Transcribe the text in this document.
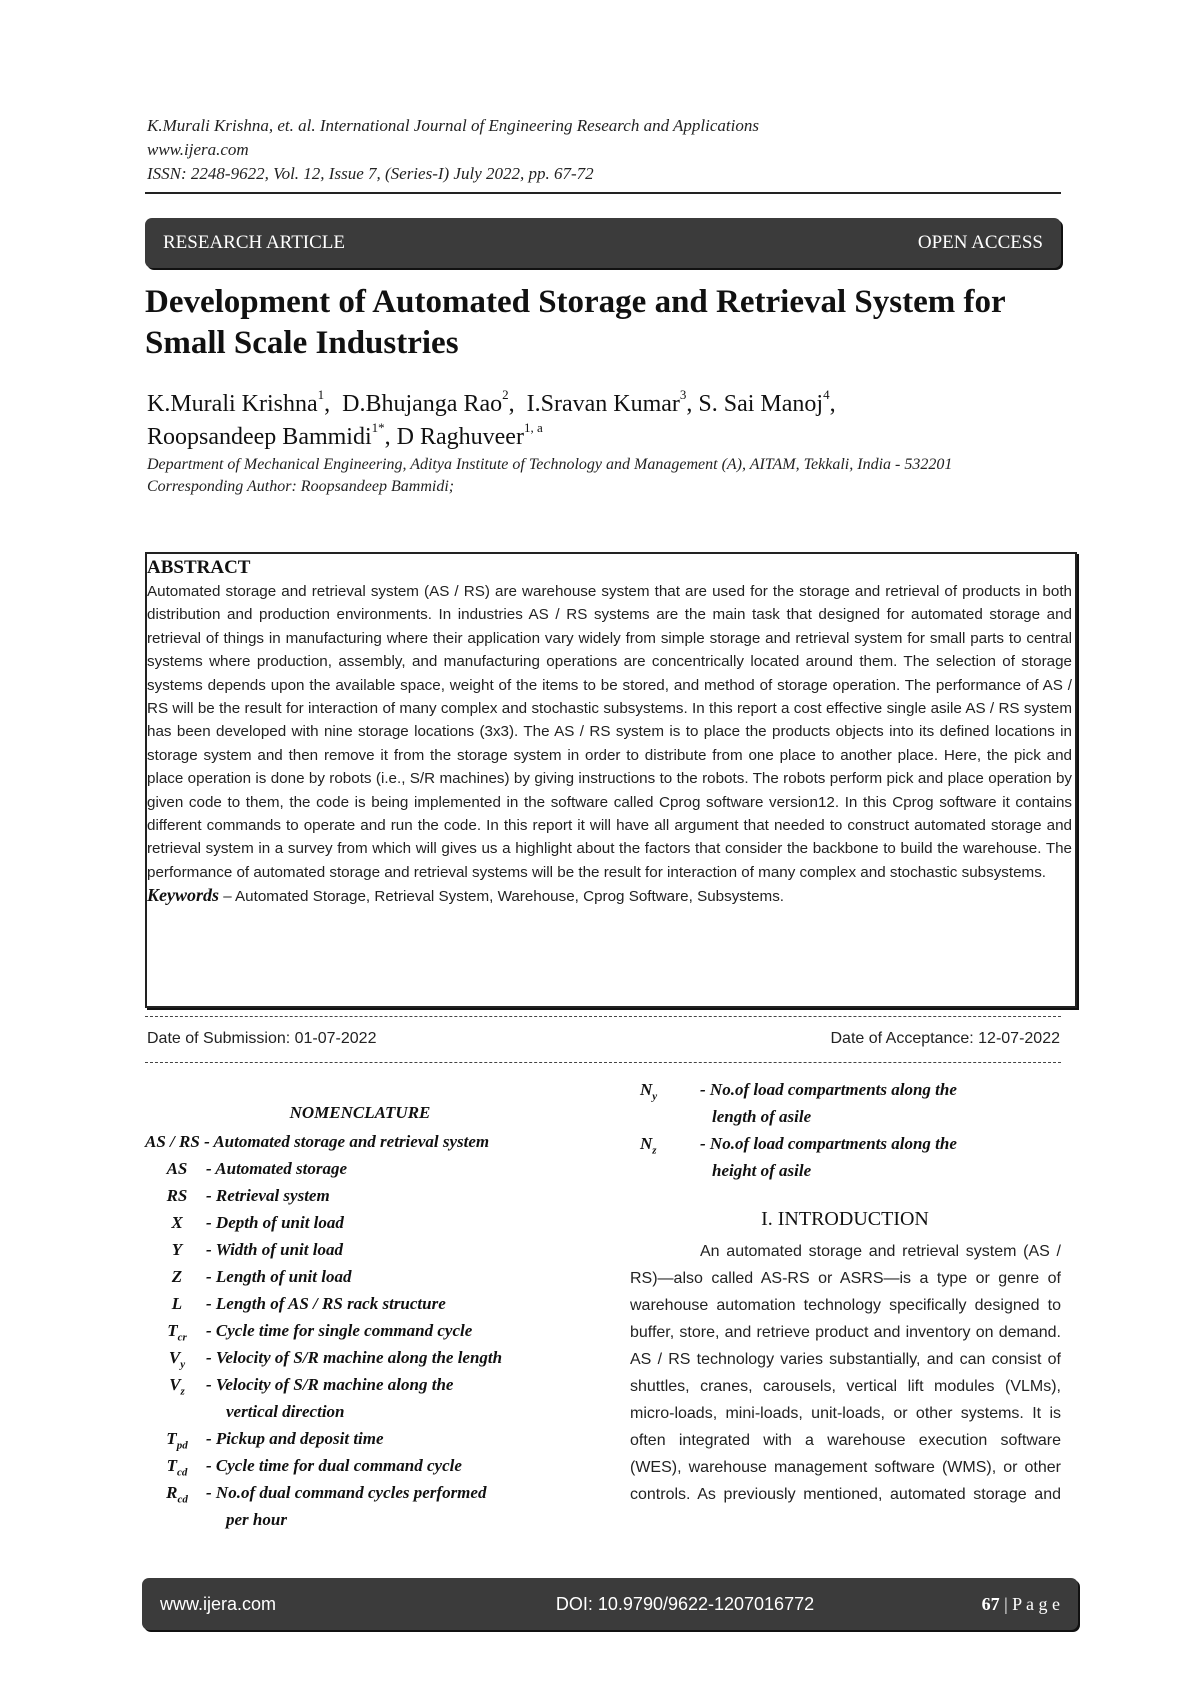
K.Murali Krishna, et. al. International Journal of Engineering Research and Applications
www.ijera.com
ISSN: 2248-9622, Vol. 12, Issue 7, (Series-I) July 2022, pp. 67-72
RESEARCH ARTICLE	OPEN ACCESS
Development of Automated Storage and Retrieval System for Small Scale Industries
K.Murali Krishna$^1$,  D.Bhujanga Rao$^2$,  I.Sravan Kumar$^3$, S. Sai Manoj$^4$,
Roopsandeep Bammidi$^{1*}$, D Raghuveer$^{1, a}$
Department of Mechanical Engineering, Aditya Institute of Technology and Management (A), AITAM, Tekkali, India - 532201
Corresponding Author: Roopsandeep Bammidi;
ABSTRACT
Automated storage and retrieval system (AS / RS) are warehouse system that are used for the storage and retrieval of products in both distribution and production environments. In industries AS / RS systems are the main task that designed for automated storage and retrieval of things in manufacturing where their application vary widely from simple storage and retrieval system for small parts to central systems where production, assembly, and manufacturing operations are concentrically located around them. The selection of storage systems depends upon the available space, weight of the items to be stored, and method of storage operation. The performance of AS / RS will be the result for interaction of many complex and stochastic subsystems. In this report a cost effective single asile AS / RS system has been developed with nine storage locations (3x3). The AS / RS system is to place the products objects into its defined locations in storage system and then remove it from the storage system in order to distribute from one place to another place. Here, the pick and place operation is done by robots (i.e., S/R machines) by giving instructions to the robots. The robots perform pick and place operation by given code to them, the code is being implemented in the software called Cprog software version12. In this Cprog software it contains different commands to operate and run the code. In this report it will have all argument that needed to construct automated storage and retrieval system in a survey from which will gives us a highlight about the factors that consider the backbone to build the warehouse. The performance of automated storage and retrieval systems will be the result for interaction of many complex and stochastic subsystems.
Keywords – Automated Storage, Retrieval System, Warehouse, Cprog Software, Subsystems.
Date of Submission: 01-07-2022	Date of Acceptance: 12-07-2022
NOMENCLATURE
AS / RS - Automated storage and retrieval system
AS - Automated storage
RS - Retrieval system
X - Depth of unit load
Y - Width of unit load
Z - Length of unit load
L - Length of AS / RS rack structure
$T_{cr}$ - Cycle time for single command cycle
$V_y$ - Velocity of S/R machine along the length
$V_z$ - Velocity of S/R machine along the
vertical direction
$T_{pd}$ - Pickup and deposit time
$T_{cd}$ - Cycle time for dual command cycle
$R_{cd} - No.of$ dual command cycles performed
per hour
$N_y$	- No.of load compartments along the
length of asile
$N_z$	- No.of load compartments along the
height of asile
I. INTRODUCTION
An automated storage and retrieval system (AS / RS)—also called AS-RS or ASRS—is a type or genre of warehouse automation technology specifically designed to buffer, store, and retrieve product and inventory on demand. AS / RS technology varies substantially, and can consist of shuttles, cranes, carousels, vertical lift modules (VLMs), micro-loads, mini-loads, unit-loads, or other systems. It is often integrated with a warehouse execution software (WES), warehouse management software (WMS), or other controls. As previously mentioned, automated storage and
www.ijera.com	DOI: 10.9790/9622-1207016772	67 | P a g e
